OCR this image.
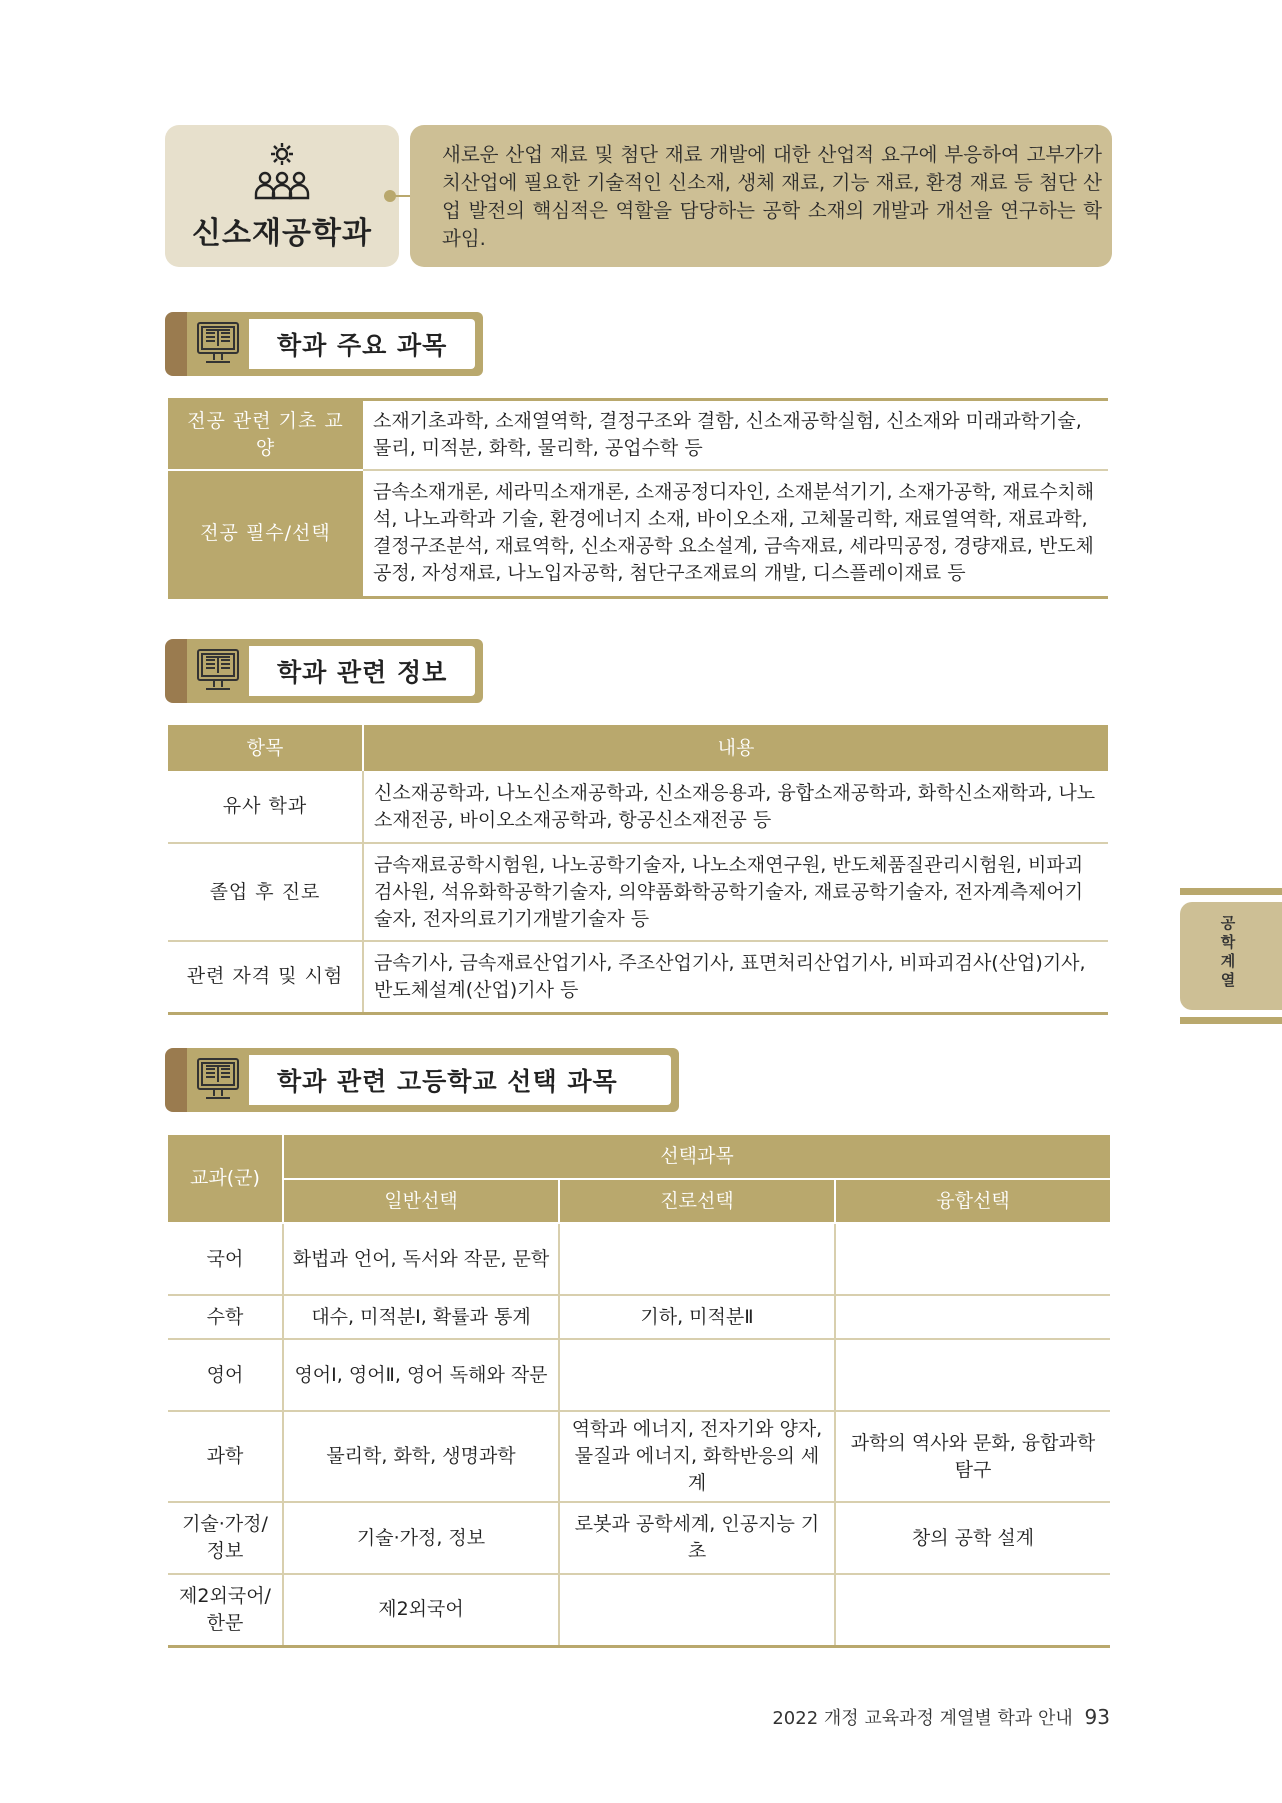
신소재공학과
새로운 산업 재료 및 첨단 재료 개발에 대한 산업적 요구에 부응하여 고부가가치산업에 필요한 기술적인 신소재, 생체 재료, 기능 재료, 환경 재료 등 첨단 산업 발전의 핵심적은 역할을 담당하는 공학 소재의 개발과 개선을 연구하는 학과임.
학과 주요 과목
전공 관련 기초 교양	소재기초과학, 소재열역학, 결정구조와 결함, 신소재공학실험, 신소재와 미래과학기술, 물리, 미적분, 화학, 물리학, 공업수학 등
전공 필수/선택	금속소재개론, 세라믹소재개론, 소재공정디자인, 소재분석기기, 소재가공학, 재료수치해석, 나노과학과 기술, 환경에너지 소재, 바이오소재, 고체물리학, 재료열역학, 재료과학, 결정구조분석, 재료역학, 신소재공학 요소설계, 금속재료, 세라믹공정, 경량재료, 반도체공정, 자성재료, 나노입자공학, 첨단구조재료의 개발, 디스플레이재료 등
학과 관련 정보
항목	내용
유사 학과	신소재공학과, 나노신소재공학과, 신소재응용과, 융합소재공학과, 화학신소재학과, 나노소재전공, 바이오소재공학과, 항공신소재전공 등
졸업 후 진로	금속재료공학시험원, 나노공학기술자, 나노소재연구원, 반도체품질관리시험원, 비파괴검사원, 석유화학공학기술자, 의약품화학공학기술자, 재료공학기술자, 전자계측제어기술자, 전자의료기기개발기술자 등
관련 자격 및 시험	금속기사, 금속재료산업기사, 주조산업기사, 표면처리산업기사, 비파괴검사(산업)기사, 반도체설계(산업)기사 등
학과 관련 고등학교 선택 과목
교과(군)	선택과목		
	일반선택	진로선택	융합선택
국어	화법과 언어, 독서와 작문, 문학		
수학	대수, 미적분Ⅰ, 확률과 통계	기하, 미적분Ⅱ	
영어	영어Ⅰ, 영어Ⅱ, 영어 독해와 작문		
과학	물리학, 화학, 생명과학	역학과 에너지, 전자기와 양자, 물질과 에너지, 화학반응의 세계	과학의 역사와 문화, 융합과학 탐구
기술·가정/정보	기술·가정, 정보	로봇과 공학세계, 인공지능 기초	창의 공학 설계
제2외국어/한문	제2외국어		
공학 계열
2022 개정 교육과정 계열별 학과 안내 93
